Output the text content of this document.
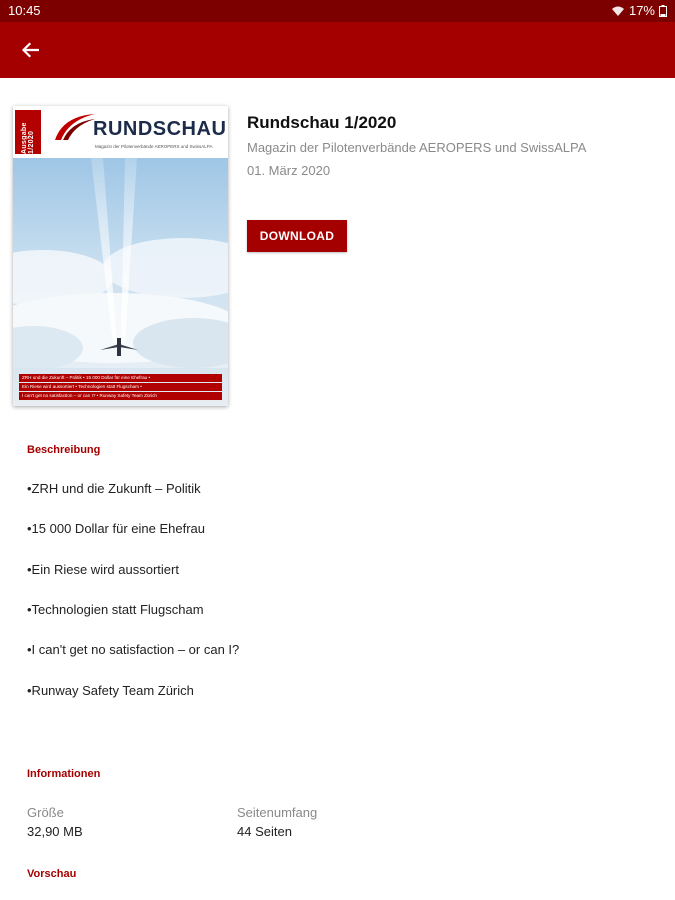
10:45	17%
Ausgabe 1/2020
RUNDSCHAU
Magazin der Pilotenverbände AEROPERS und SwissALPA
ZRH und die Zukunft – Politik • 15 000 Dollar für eine Ehefrau •
Ein Riese wird aussortiert • Technologien statt Flugscham •
I can't get no satisfaction – or can I? • Runway Safety Team Zürich
Rundschau 1/2020
Magazin der Pilotenverbände AEROPERS und SwissALPA
01. März 2020
DOWNLOAD
Beschreibung
•ZRH und die Zukunft – Politik
•15 000 Dollar für eine Ehefrau
•Ein Riese wird aussortiert
•Technologien statt Flugscham
•I can't get no satisfaction – or can I?
•Runway Safety Team Zürich
Informationen
Größe
32,90 MB
Seitenumfang
44 Seiten
Vorschau
